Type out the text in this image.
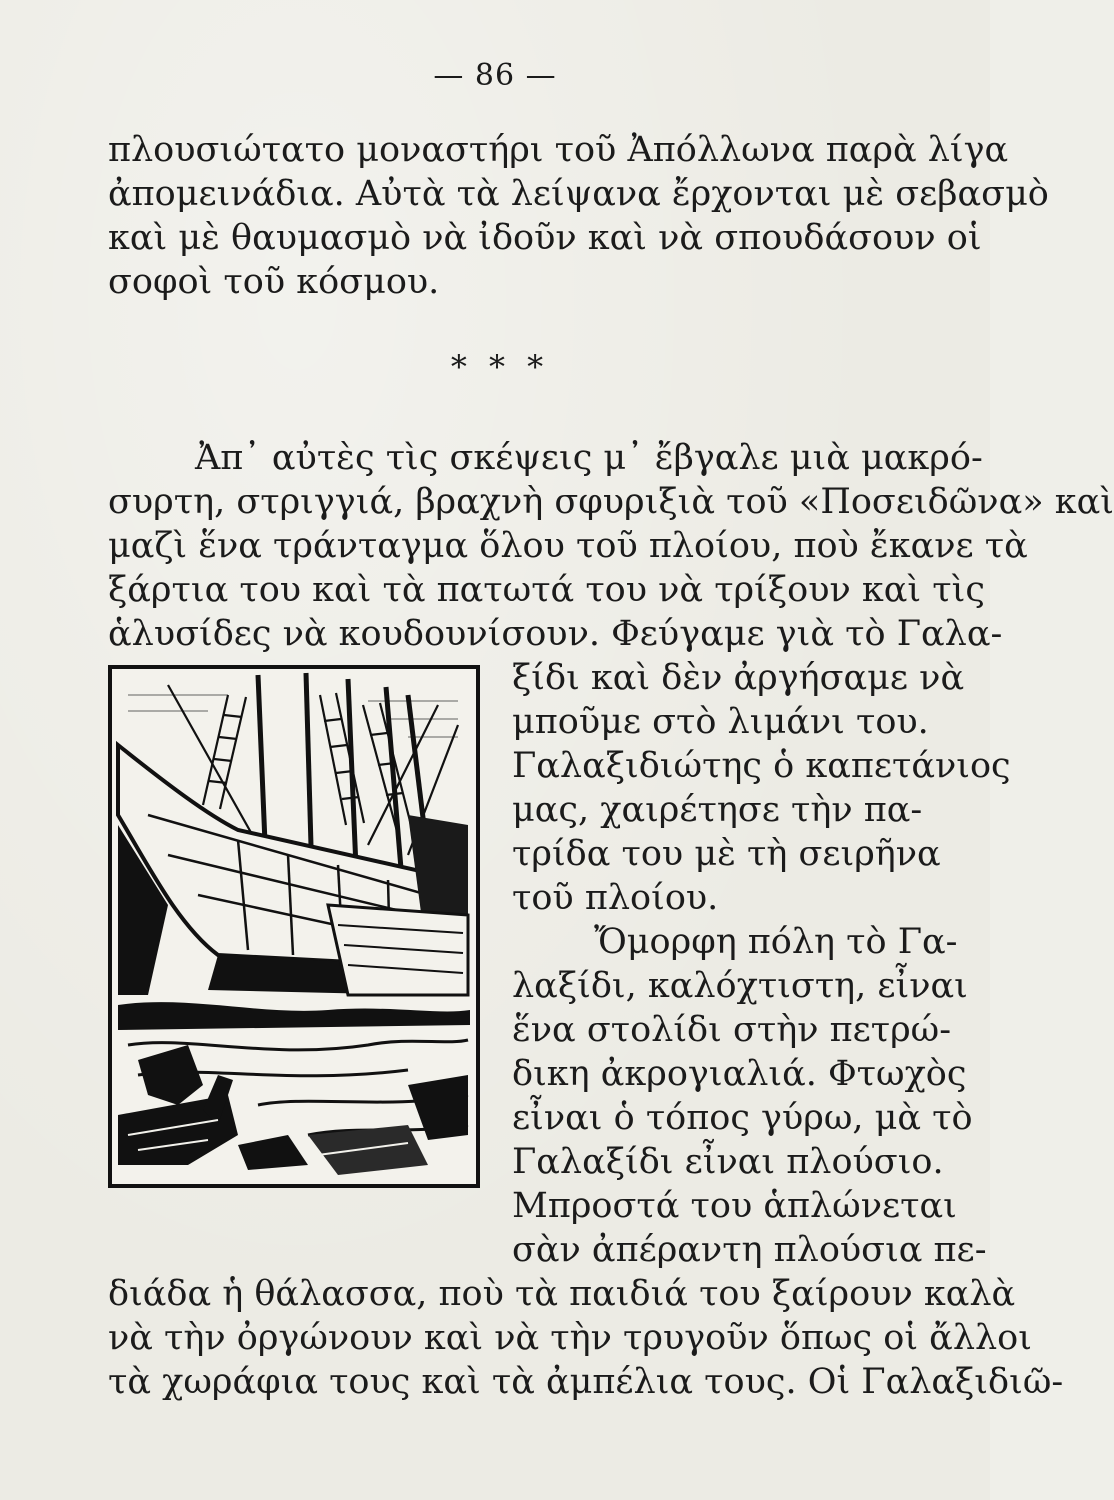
— 86 —
πλουσιώτατο μοναστήρι τοῦ Ἀπόλλωνα παρὰ λίγα
ἀπομεινάδια. Αὐτὰ τὰ λείψανα ἔρχονται μὲ σεβασμὸ
καὶ μὲ θαυμασμὸ νὰ ἰδοῦν καὶ νὰ σπουδάσουν οἱ
σοφοὶ τοῦ κόσμου.
* * *
Ἀπ᾿ αὐτὲς τὶς σκέψεις μ᾿ ἔβγαλε μιὰ μακρό-
συρτη, στριγγιά, βραχνὴ σφυριξιὰ τοῦ «Ποσειδῶνα» καὶ
μαζὶ ἕνα τράνταγμα ὅλου τοῦ πλοίου, ποὺ ἔκανε τὰ
ξάρτια του καὶ τὰ πατωτά του νὰ τρίξουν καὶ τὶς
ἁλυσίδες νὰ κουδουνίσουν. Φεύγαμε γιὰ τὸ Γαλα-
ξίδι καὶ δὲν ἀργήσαμε νὰ
μποῦμε στὸ λιμάνι του.
Γαλαξιδιώτης ὁ καπετάνιος
μας, χαιρέτησε τὴν πα-
τρίδα του μὲ τὴ σειρῆνα
τοῦ πλοίου.
Ὄμορφη πόλη τὸ Γα-
λαξίδι, καλόχτιστη, εἶναι
ἕνα στολίδι στὴν πετρώ-
δικη ἀκρογιαλιά. Φτωχὸς
εἶναι ὁ τόπος γύρω, μὰ τὸ
Γαλαξίδι εἶναι πλούσιο.
Μπροστά του ἁπλώνεται
σὰν ἀπέραντη πλούσια πε-
διάδα ἡ θάλασσα, ποὺ τὰ παιδιά του ξαίρουν καλὰ
νὰ τὴν ὀργώνουν καὶ νὰ τὴν τρυγοῦν ὅπως οἱ ἄλλοι
τὰ χωράφια τους καὶ τὰ ἀμπέλια τους. Οἱ Γαλαξιδιῶ-
